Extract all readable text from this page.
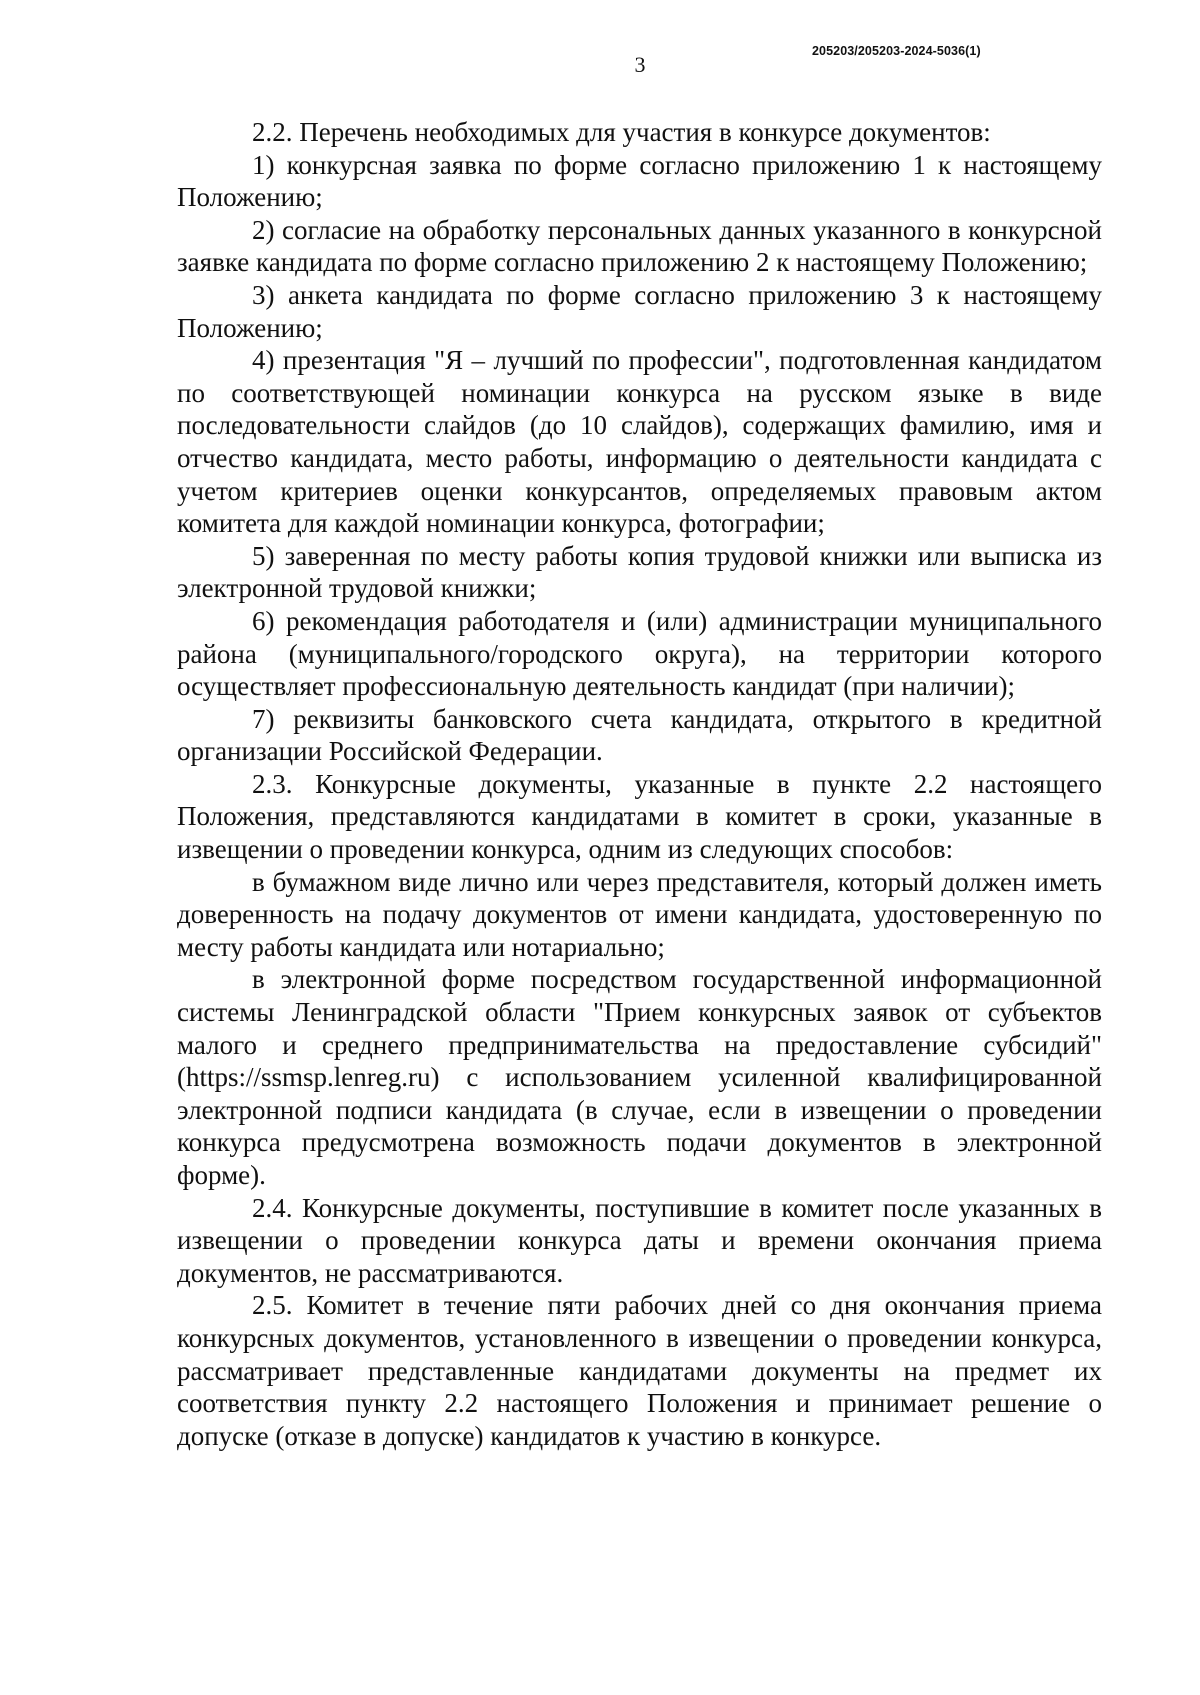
3
205203/205203-2024-5036(1)

2.2. Перечень необходимых для участия в конкурсе документов:

1) конкурсная заявка по форме согласно приложению 1 к настоящему Положению;

2) согласие на обработку персональных данных указанного в конкурсной заявке кандидата по форме согласно приложению 2 к настоящему Положению;

3) анкета кандидата по форме согласно приложению 3 к настоящему Положению;

4) презентация "Я – лучший по профессии", подготовленная кандидатом по соответствующей номинации конкурса на русском языке в виде последовательности слайдов (до 10 слайдов), содержащих фамилию, имя и отчество кандидата, место работы, информацию о деятельности кандидата с учетом критериев оценки конкурсантов, определяемых правовым актом комитета для каждой номинации конкурса, фотографии;

5) заверенная по месту работы копия трудовой книжки или выписка из электронной трудовой книжки;

6) рекомендация работодателя и (или) администрации муниципального района (муниципального/городского округа), на территории которого осуществляет профессиональную деятельность кандидат (при наличии);

7) реквизиты банковского счета кандидата, открытого в кредитной организации Российской Федерации.

2.3. Конкурсные документы, указанные в пункте 2.2 настоящего Положения, представляются кандидатами в комитет в сроки, указанные в извещении о проведении конкурса, одним из следующих способов:

в бумажном виде лично или через представителя, который должен иметь доверенность на подачу документов от имени кандидата, удостоверенную по месту работы кандидата или нотариально;

в электронной форме посредством государственной информационной системы Ленинградской области "Прием конкурсных заявок от субъектов малого и среднего предпринимательства на предоставление субсидий" (https://ssmsp.lenreg.ru) с использованием усиленной квалифицированной электронной подписи кандидата (в случае, если в извещении о проведении конкурса предусмотрена возможность подачи документов в электронной форме).

2.4. Конкурсные документы, поступившие в комитет после указанных в извещении о проведении конкурса даты и времени окончания приема документов, не рассматриваются.

2.5. Комитет в течение пяти рабочих дней со дня окончания приема конкурсных документов, установленного в извещении о проведении конкурса, рассматривает представленные кандидатами документы на предмет их соответствия пункту 2.2 настоящего Положения и принимает решение о допуске (отказе в допуске) кандидатов к участию в конкурсе.
